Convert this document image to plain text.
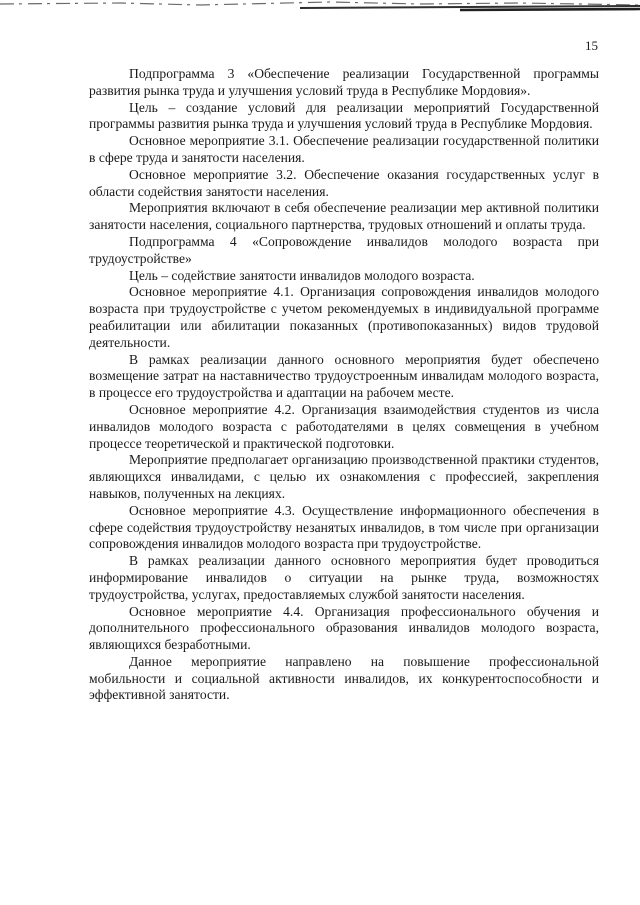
15

Подпрограмма 3 «Обеспечение реализации Государственной программы развития рынка труда и улучшения условий труда в Республике Мордовия».

Цель – создание условий для реализации мероприятий Государственной программы развития рынка труда и улучшения условий труда в Республике Мордовия.

Основное мероприятие 3.1. Обеспечение реализации государственной политики в сфере труда и занятости населения.

Основное мероприятие 3.2. Обеспечение оказания государственных услуг в области содействия занятости населения.

Мероприятия включают в себя обеспечение реализации мер активной политики занятости населения, социального партнерства, трудовых отношений и оплаты труда.

Подпрограмма 4 «Сопровождение инвалидов молодого возраста при трудоустройстве»

Цель – содействие занятости инвалидов молодого возраста.

Основное мероприятие 4.1. Организация сопровождения инвалидов молодого возраста при трудоустройстве с учетом рекомендуемых в индивидуальной программе реабилитации или абилитации показанных (противопоказанных) видов трудовой деятельности.

В рамках реализации данного основного мероприятия будет обеспечено возмещение затрат на наставничество трудоустроенным инвалидам молодого возраста, в процессе его трудоустройства и адаптации на рабочем месте.

Основное мероприятие 4.2. Организация взаимодействия студентов из числа инвалидов молодого возраста с работодателями в целях совмещения в учебном процессе теоретической и практической подготовки.

Мероприятие предполагает организацию производственной практики студентов, являющихся инвалидами, с целью их ознакомления с профессией, закрепления навыков, полученных на лекциях.

Основное мероприятие 4.3. Осуществление информационного обеспечения в сфере содействия трудоустройству незанятых инвалидов, в том числе при организации сопровождения инвалидов молодого возраста при трудоустройстве.

В рамках реализации данного основного мероприятия будет проводиться информирование инвалидов о ситуации на рынке труда, возможностях трудоустройства, услугах, предоставляемых службой занятости населения.

Основное мероприятие 4.4. Организация профессионального обучения и дополнительного профессионального образования инвалидов молодого возраста, являющихся безработными.

Данное мероприятие направлено на повышение профессиональной мобильности и социальной активности инвалидов, их конкурентоспособности и эффективной занятости.
